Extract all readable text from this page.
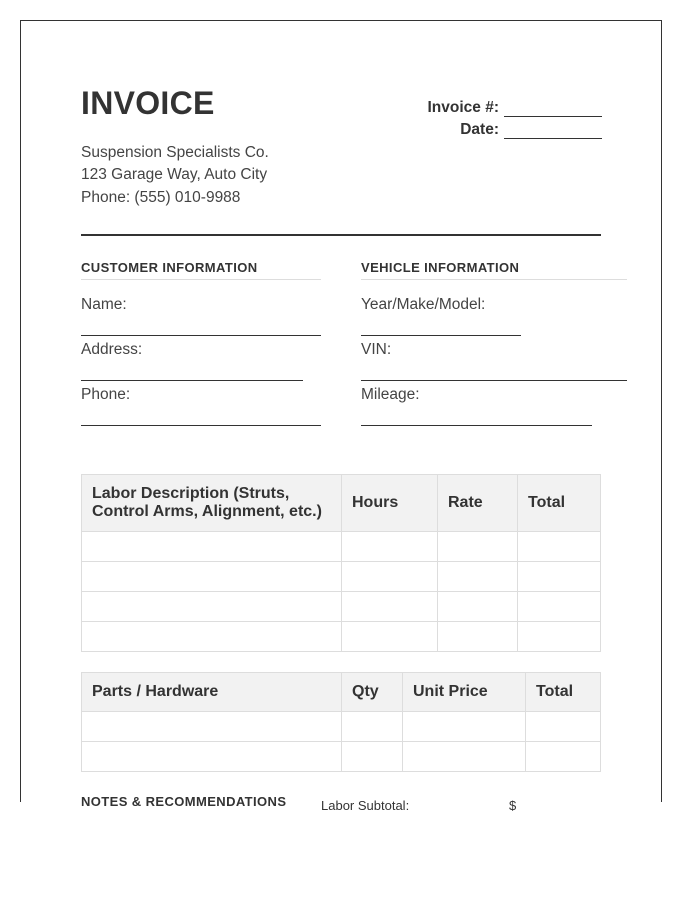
INVOICE	Invoice #:
Date:
Suspension Specialists Co.
123 Garage Way, Auto City
Phone: (555) 010-9988
CUSTOMER INFORMATION
Name:
Address:
Phone:
VEHICLE INFORMATION
Year/Make/Model:
VIN:
Mileage:
Labor Description (Struts, Control Arms, Alignment, etc.)	Hours	Rate	Total

Parts / Hardware	Qty	Unit Price	Total

NOTES & RECOMMENDATIONS	Labor Subtotal:	$
